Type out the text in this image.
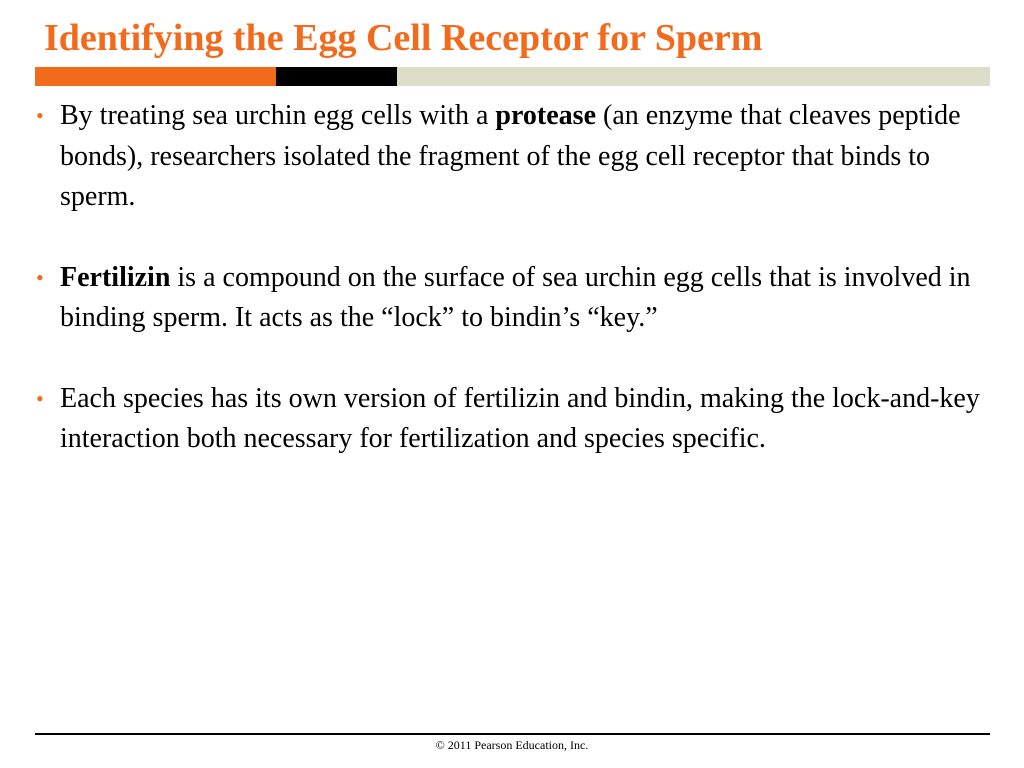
Identifying the Egg Cell Receptor for Sperm
• By treating sea urchin egg cells with a protease (an enzyme that cleaves peptide bonds), researchers isolated the fragment of the egg cell receptor that binds to sperm.
• Fertilizin is a compound on the surface of sea urchin egg cells that is involved in binding sperm. It acts as the “lock” to bindin’s “key.”
• Each species has its own version of fertilizin and bindin, making the lock-and-key interaction both necessary for fertilization and species specific.
© 2011 Pearson Education, Inc.
